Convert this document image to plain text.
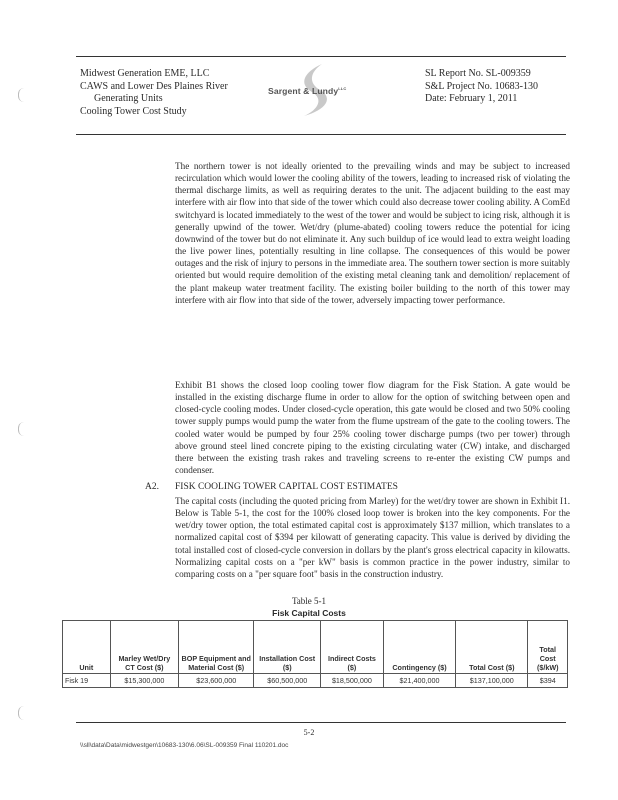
Midwest Generation EME, LLC
CAWS and Lower Des Plaines River
Generating Units
Cooling Tower Cost Study
Sargent & Lundy$^{LLC}$
SL Report No. SL-009359
S&L Project No. 10683-130
Date: February 1, 2011

The northern tower is not ideally oriented to the prevailing winds and may be subject to increased recirculation which would lower the cooling ability of the towers, leading to increased risk of violating the thermal discharge limits, as well as requiring derates to the unit. The adjacent building to the east may interfere with air flow into that side of the tower which could also decrease tower cooling ability. A ComEd switchyard is located immediately to the west of the tower and would be subject to icing risk, although it is generally upwind of the tower. Wet/dry (plume-abated) cooling towers reduce the potential for icing downwind of the tower but do not eliminate it. Any such buildup of ice would lead to extra weight loading the live power lines, potentially resulting in line collapse. The consequences of this would be power outages and the risk of injury to persons in the immediate area. The southern tower section is more suitably oriented but would require demolition of the existing metal cleaning tank and demolition/ replacement of the plant makeup water treatment facility. The existing boiler building to the north of this tower may interfere with air flow into that side of the tower, adversely impacting tower performance.

Exhibit B1 shows the closed loop cooling tower flow diagram for the Fisk Station. A gate would be installed in the existing discharge flume in order to allow for the option of switching between open and closed-cycle cooling modes. Under closed-cycle operation, this gate would be closed and two 50% cooling tower supply pumps would pump the water from the flume upstream of the gate to the cooling towers. The cooled water would be pumped by four 25% cooling tower discharge pumps (two per tower) through above ground steel lined concrete piping to the existing circulating water (CW) intake, and discharged there between the existing trash rakes and traveling screens to re-enter the existing CW pumps and condenser.

A2. FISK COOLING TOWER CAPITAL COST ESTIMATES

The capital costs (including the quoted pricing from Marley) for the wet/dry tower are shown in Exhibit I1. Below is Table 5-1, the cost for the 100% closed loop tower is broken into the key components. For the wet/dry tower option, the total estimated capital cost is approximately $137 million, which translates to a normalized capital cost of $394 per kilowatt of generating capacity. This value is derived by dividing the total installed cost of closed-cycle conversion in dollars by the plant's gross electrical capacity in kilowatts. Normalizing capital costs on a "per kW" basis is common practice in the power industry, similar to comparing costs on a "per square foot" basis in the construction industry.

Table 5-1
Fisk Capital Costs
Unit	Marley Wet/Dry CT Cost ($)	BOP Equipment and Material Cost ($)	Installation Cost ($)	Indirect Costs ($)	Contingency ($)	Total Cost ($)	Total Cost ($/kW)
Fisk 19	$15,300,000	$23,600,000	$60,500,000	$18,500,000	$21,400,000	$137,100,000	$394
5-2
\\sll\data\Data\midwestgen\10683-130\6.06\SL-009359 Final 110201.doc
